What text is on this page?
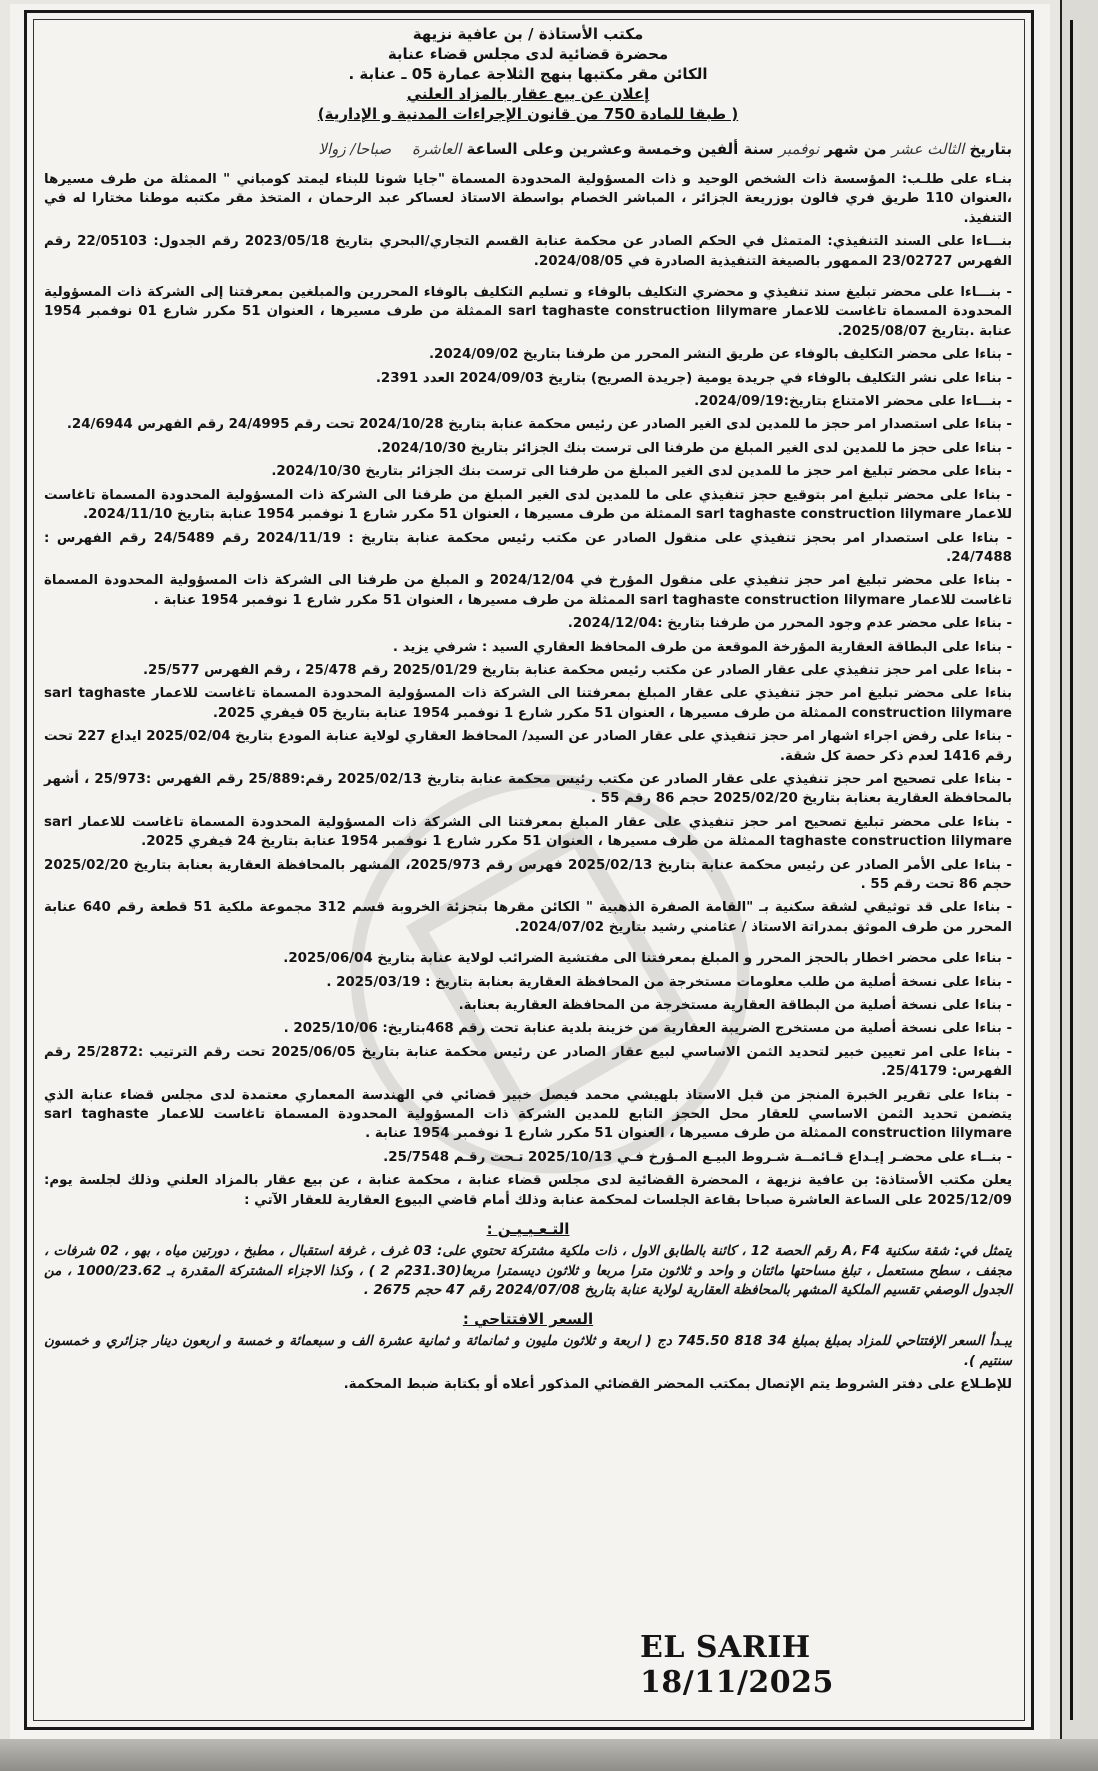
مكتب الأستاذة / بن عافية نزيهة
محضرة قضائية لدى مجلس قضاء عنابة
الكائن مقر مكتبها بنهج الثلاجة عمارة 05 ـ عنابة .
إعلان عن بيع عقار بالمزاد العلني
( طبقا للمادة 750 من قانون الإجراءات المدنية و الإدارية)
بتاريخ الثالث عشر من شهر نوفمبر سنة ألفين وخمسة وعشرين وعلى الساعة العاشرة    صباحا/ زوالا

بنـاء على طلـب: المؤسسة ذات الشخص الوحيد و ذات المسؤولية المحدودة المسماة "جايا شونا للبناء ليمتد كومباني " الممثلة من طرف مسيرها ،العنوان 110 طريق فري فالون بوزريعة الجزائر ، المباشر الخصام بواسطة الاستاذ لعساكر عبد الرحمان ، المتخذ مقر مكتبه موطنا مختارا له في التنفيذ.

بنـــاءا على السند التنفيذي: المتمثل في الحكم الصادر عن محكمة عنابة القسم التجاري/البحري بتاريخ 2023/05/18 رقم الجدول: 22/05103 رقم الفهرس 23/02727 الممهور بالصيغة التنفيذية الصادرة في 2024/08/05.

- بنـــاءا على محضر تبليغ سند تنفيذي و محضري التكليف بالوفاء و تسليم التكليف بالوفاء المحررين والمبلغين بمعرفتنا إلى الشركة ذات المسؤولية المحدودة المسماة تاغاست للاعمار sarl taghaste construction lilymare الممثلة من طرف مسيرها ، العنوان 51 مكرر شارع 01 نوفمبر 1954 عنابة .بتاريخ 2025/08/07.

- بناءا على محضر التكليف بالوفاء عن طريق النشر المحرر من طرفنا بتاريخ 2024/09/02.

- بناءا على نشر التكليف بالوفاء في جريدة يومية (جريدة الصريح) بتاريخ 2024/09/03 العدد 2391.

- بنـــاءا على محضر الامتناع بتاريخ:2024/09/19.

- بناءا على استصدار امر حجز ما للمدين لدى الغير الصادر عن رئيس محكمة عنابة بتاريخ 2024/10/28 تحت رقم 24/4995 رقم الفهرس 24/6944.

- بناءا على حجز ما للمدين لدى الغير المبلغ من طرفنا الى ترست بنك الجزائر بتاريخ 2024/10/30.

- بناءا على محضر تبليغ امر حجز ما للمدين لدى الغير المبلغ من طرفنا الى ترست بنك الجزائر بتاريخ 2024/10/30.

- بناءا على محضر تبليغ امر بتوقيع حجز تنفيذي على ما للمدين لدى الغير المبلغ من طرفنا الى الشركة ذات المسؤولية المحدودة المسماة تاغاست للاعمار sarl taghaste construction lilymare الممثلة من طرف مسيرها ، العنوان 51 مكرر شارع 1 نوفمبر 1954 عنابة بتاريخ 2024/11/10.

- بناءا على استصدار امر بحجز تنفيذي على منقول الصادر عن مكتب رئيس محكمة عنابة بتاريخ : 2024/11/19 رقم 24/5489 رقم الفهرس : 24/7488.

- بناءا على محضر تبليغ امر حجز تنفيذي على منقول المؤرخ في 2024/12/04 و المبلغ من طرفنا الى الشركة ذات المسؤولية المحدودة المسماة تاغاست للاعمار sarl taghaste construction lilymare الممثلة من طرف مسيرها ، العنوان 51 مكرر شارع 1 نوفمبر 1954 عنابة .

- بناءا على محضر عدم وجود المحرر من طرفنا بتاريخ :2024/12/04.

- بناءا على البطاقة العقارية المؤرخة الموقعة من طرف المحافظ العقاري السيد : شرفي يزيد .

- بناءا على امر حجز تنفيذي على عقار الصادر عن مكتب رئيس محكمة عنابة بتاريخ 2025/01/29 رقم 25/478 ، رقم الفهرس 25/577.

بناءا على محضر تبليغ امر حجز تنفيذي على عقار المبلغ بمعرفتنا الى الشركة ذات المسؤولية المحدودة المسماة تاغاست للاعمار sarl taghaste construction lilymare الممثلة من طرف مسيرها ، العنوان 51 مكرر شارع 1 نوفمبر 1954 عنابة بتاريخ 05 فيفري 2025.

- بناءا على رفض اجراء اشهار امر حجز تنفيذي على عقار الصادر عن السيد/ المحافظ العقاري لولاية عنابة المودع بتاريخ 2025/02/04 ايداع 227 تحت رقم 1416 لعدم ذكر حصة كل شقة.

- بناءا على تصحيح امر حجز تنفيذي على عقار الصادر عن مكتب رئيس محكمة عنابة بتاريخ 2025/02/13 رقم:25/889 رقم الفهرس :25/973 ، أشهر بالمحافظة العقارية بعنابة بتاريخ 2025/02/20 حجم 86 رقم 55 .

- بناءا على محضر تبليغ تصحيح امر حجز تنفيذي على عقار المبلغ بمعرفتنا الى الشركة ذات المسؤولية المحدودة المسماة تاغاست للاعمار sarl taghaste construction lilymare الممثلة من طرف مسيرها ، العنوان 51 مكرر شارع 1 نوفمبر 1954 عنابة بتاريخ 24 فيفري 2025.

- بناءا على الأمر الصادر عن رئيس محكمة عنابة بتاريخ 2025/02/13 فهرس رقم 2025/973، المشهر بالمحافظة العقارية بعنابة بتاريخ 2025/02/20 حجم 86 تحت رقم 55 .

- بناءا على قد توثيقي لشقة سكنية بـ "القامة الصفرة الذهبية " الكائن مقرها بتجزئة الخروبة قسم 312 مجموعة ملكية 51 قطعة رقم 640 عنابة المحرر من طرف الموثق بمدراتة الاستاذ / عثامني رشيد بتاريخ 2024/07/02.

- بناءا على محضر اخطار بالحجز المحرر و المبلغ بمعرفتنا الى مفتشية الضرائب لولاية عنابة بتاريخ 2025/06/04.

- بناءا على نسخة أصلية من طلب معلومات مستخرجة من المحافظة العقارية بعنابة بتاريخ : 2025/03/19 .

- بناءا على نسخة أصلية من البطاقة العقارية مستخرجة من المحافظة العقارية بعنابة.

- بناءا على نسخة أصلية من مستخرج الضريبة العقارية من خزينة بلدية عنابة تحت رقم 468بتاريخ: 2025/10/06 .

- بناءا على امر تعيين خبير لتحديد الثمن الاساسي لبيع عقار الصادر عن رئيس محكمة عنابة بتاريخ 2025/06/05 تحت رقم الترتيب :25/2872 رقم الفهرس: 25/4179.

- بناءا على تقرير الخبرة المنجز من قبل الاستاذ بلهيشي محمد فيصل خبير قضائي في الهندسة المعماري معتمدة لدى مجلس قضاء عنابة الذي يتضمن تحديد الثمن الاساسي للعقار محل الحجز التابع للمدين الشركة ذات المسؤولية المحدودة المسماة تاغاست للاعمار sarl taghaste construction lilymare الممثلة من طرف مسيرها ، العنوان 51 مكرر شارع 1 نوفمبر 1954 عنابة .

- بنــاء على محضـر إيـداع قـائمــة شـروط البيـع المـؤرخ فـي 2025/10/13 تـحت رقـم 25/7548.

يعلن مكتب الأستاذة: بن عافية نزيهة ، المحضرة القضائية لدى مجلس قضاء عنابة ، محكمة عنابة ، عن بيع عقار بالمزاد العلني وذلك لجلسة يوم: 2025/12/09 على الساعة العاشرة صباحا بقاعة الجلسات لمحكمة عنابة وذلك أمام قاضي البيوع العقارية للعقار الآتي :

التـعـيـيـن :
يتمثل في: شقة سكنية A، F4 رقم الحصة 12 ، كائنة بالطابق الاول ، ذات ملكية مشتركة تحتوي على: 03 غرف ، غرفة استقبال ، مطبخ ، دورتين مياه ، بهو ، 02 شرفات ، مجفف ، سطح مستعمل ، تبلغ مساحتها مائتان و واحد و ثلاثون مترا مربعا و ثلاثون ديسمترا مربعا(231.30م 2 ) ، وكذا الاجزاء المشتركة المقدرة بـ 1000/23.62 ، من الجدول الوصفي تقسيم الملكية المشهر بالمحافظة العقارية لولاية عنابة بتاريخ 2024/07/08 رقم 47 حجم 2675 .
السعر الافتتاحي :
يبـدأ السعر الإفتتاحي للمزاد بمبلغ بمبلغ 34 818 745.50 دج ( اربعة و ثلاثون مليون و ثمانمائة و ثمانية عشرة الف و سبعمائة و خمسة و اربعون دينار جزائري و خمسون سنتيم ).

للإطـلاع على دفتر الشروط يتم الإتصال بمكتب المحضر القضائي المذكور أعلاه أو بكتابة ضبط المحكمة.

EL SARIH 18/11/2025
